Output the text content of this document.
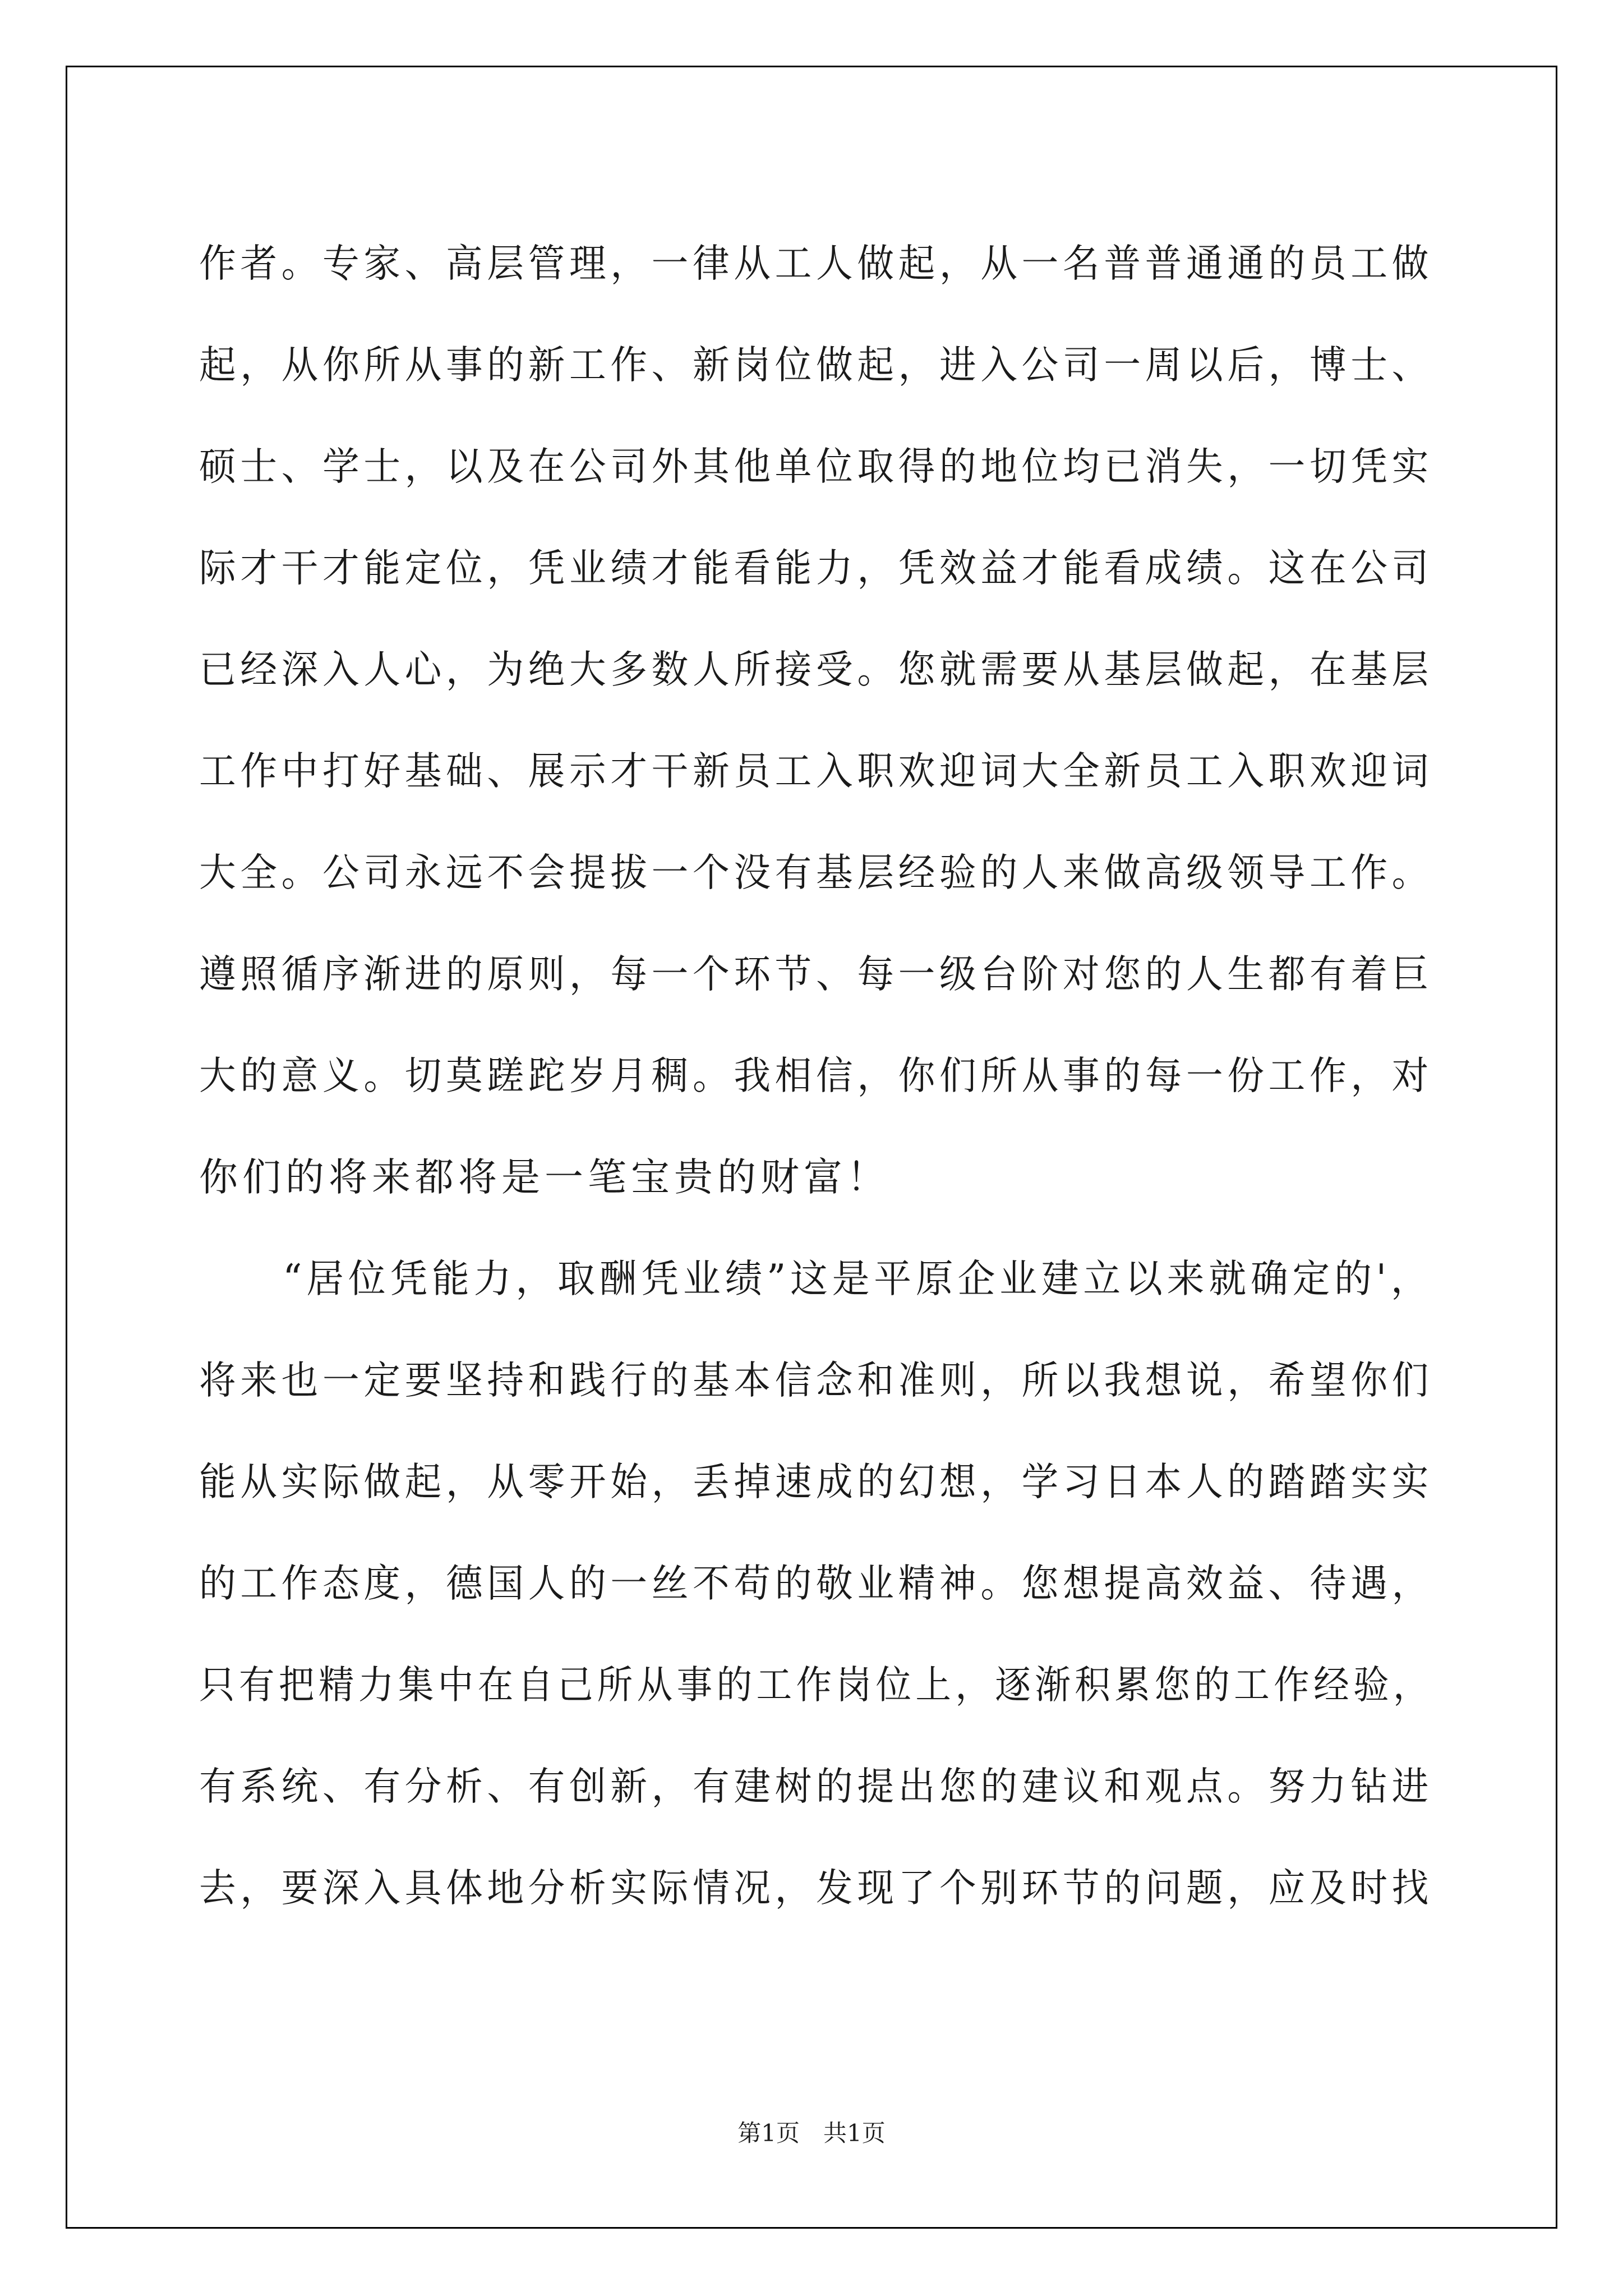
作者。专家、高层管理，一律从工人做起，从一名普普通通的员工做
起，从你所从事的新工作、新岗位做起，进入公司一周以后，博士、
硕士、学士，以及在公司外其他单位取得的地位均已消失，一切凭实
际才干才能定位，凭业绩才能看能力，凭效益才能看成绩。这在公司
已经深入人心，为绝大多数人所接受。您就需要从基层做起，在基层
工作中打好基础、展示才干新员工入职欢迎词大全新员工入职欢迎词
大全。公司永远不会提拔一个没有基层经验的人来做高级领导工作。
遵照循序渐进的原则，每一个环节、每一级台阶对您的人生都有着巨
大的意义。切莫蹉跎岁月稠。我相信，你们所从事的每一份工作，对
你们的将来都将是一笔宝贵的财富！
　　“居位凭能力，取酬凭业绩”这是平原企业建立以来就确定的'，
将来也一定要坚持和践行的基本信念和准则，所以我想说，希望你们
能从实际做起，从零开始，丢掉速成的幻想，学习日本人的踏踏实实
的工作态度，德国人的一丝不苟的敬业精神。您想提高效益、待遇，
只有把精力集中在自己所从事的工作岗位上，逐渐积累您的工作经验，
有系统、有分析、有创新，有建树的提出您的建议和观点。努力钻进
去，要深入具体地分析实际情况，发现了个别环节的问题，应及时找
第1页　共1页
